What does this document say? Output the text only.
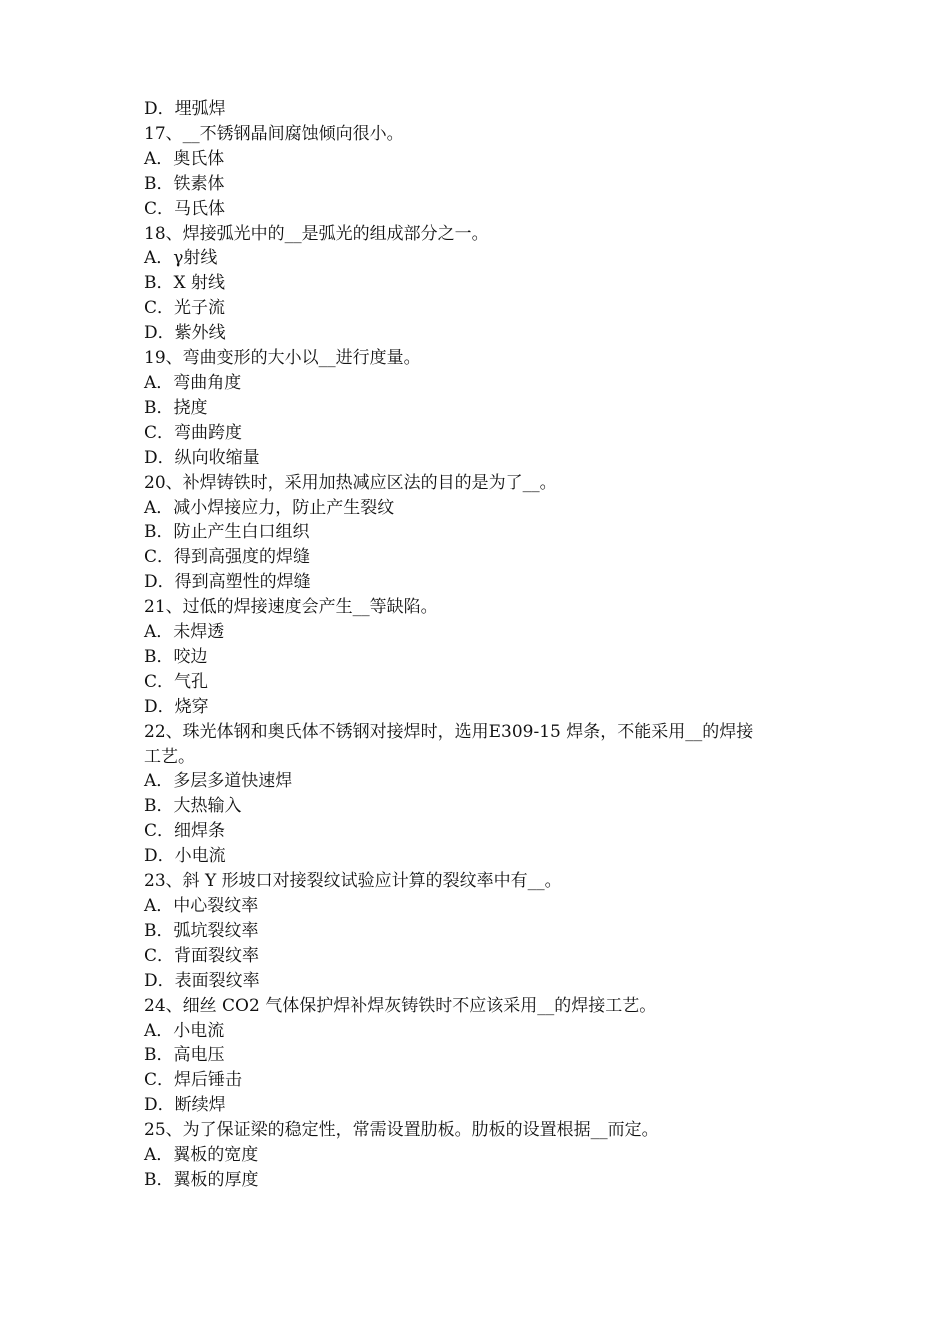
D．埋弧焊

17、__不锈钢晶间腐蚀倾向很小。

A．奥氏体

B．铁素体

C．马氏体

18、焊接弧光中的__是弧光的组成部分之一。

A．γ射线

B．X 射线

C．光子流

D．紫外线

19、弯曲变形的大小以__进行度量。

A．弯曲角度

B．挠度

C．弯曲跨度

D．纵向收缩量

20、补焊铸铁时，采用加热减应区法的目的是为了__。

A．减小焊接应力，防止产生裂纹

B．防止产生白口组织

C．得到高强度的焊缝

D．得到高塑性的焊缝

21、过低的焊接速度会产生__等缺陷。

A．未焊透

B．咬边

C．气孔

D．烧穿

22、珠光体钢和奥氏体不锈钢对接焊时，选用E309-15 焊条，不能采用__的焊接

工艺。

A．多层多道快速焊

B．大热输入

C．细焊条

D．小电流

23、斜 Y 形坡口对接裂纹试验应计算的裂纹率中有__。

A．中心裂纹率

B．弧坑裂纹率

C．背面裂纹率

D．表面裂纹率

24、细丝 CO2 气体保护焊补焊灰铸铁时不应该采用__的焊接工艺。

A．小电流

B．高电压

C．焊后锤击

D．断续焊

25、为了保证梁的稳定性，常需设置肋板。肋板的设置根据__而定。

A．翼板的宽度

B．翼板的厚度
